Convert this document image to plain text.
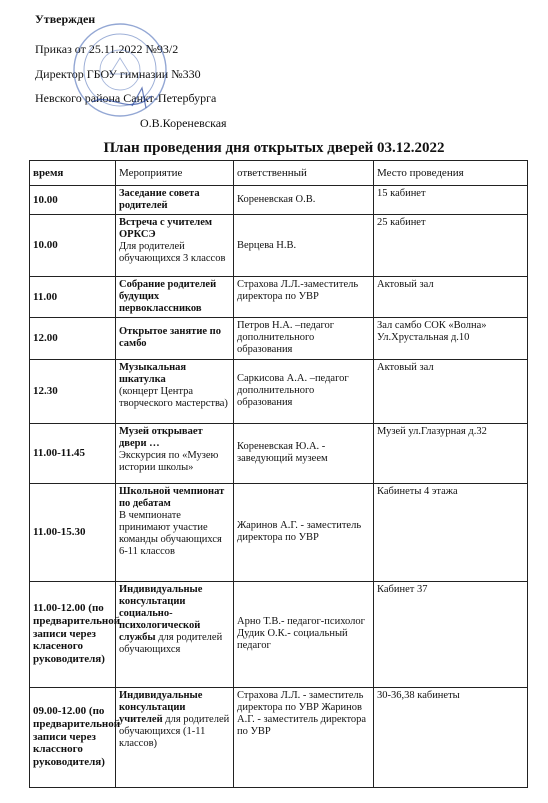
Утвержден
Приказ от 25.11.2022 №93/2
Директор ГБОУ гимназии №330
Невского района Санкт-Петербурга
О.В.Кореневская
План проведения дня открытых дверей 03.12.2022
время	Мероприятие	ответственный	Место проведения
10.00	Заседание совета родителей	Кореневская О.В.	15 кабинет
10.00	Встреча с учителем ОРКСЭ
Для родителей обучающихся 3 классов	Верцева Н.В.	25 кабинет
11.00	Собрание родителей будущих первоклассников	Страхова Л.Л.-заместитель директора по УВР	Актовый зал
12.00	Открытое занятие по самбо	Петров Н.А. –педагог дополнительного образования	Зал самбо СОК «Волна» Ул.Хрустальная д.10
12.30	Музыкальная шкатулка
(концерт Центра творческого мастерства)	Саркисова А.А. –педагог дополнительного образования	Актовый зал
11.00-11.45	Музей открывает двери …
Экскурсия по «Музею истории школы»	Кореневская Ю.А. - заведующий музеем	Музей ул.Глазурная д.32
11.00-15.30	Школьной чемпионат по дебатам
В чемпионате принимают участие команды обучающихся 6-11 классов	Жаринов А.Г. - заместитель директора по УВР	Кабинеты 4 этажа
11.00-12.00 (по предварительной записи через класеного руководителя)	Индивидуальные консультации социально-психологической службы для родителей обучающихся	Арно Т.В.- педагог-психолог Дудик О.К.- социальный педагог	Кабинет 37
09.00-12.00 (по предварительной записи через классного руководителя)	Индивидуальные консультации учителей для родителей обучающихся (1-11 классов)	Страхова Л.Л. - заместитель директора по УВР Жаринов А.Г. - заместитель директора по УВР	30-36,38 кабинеты
